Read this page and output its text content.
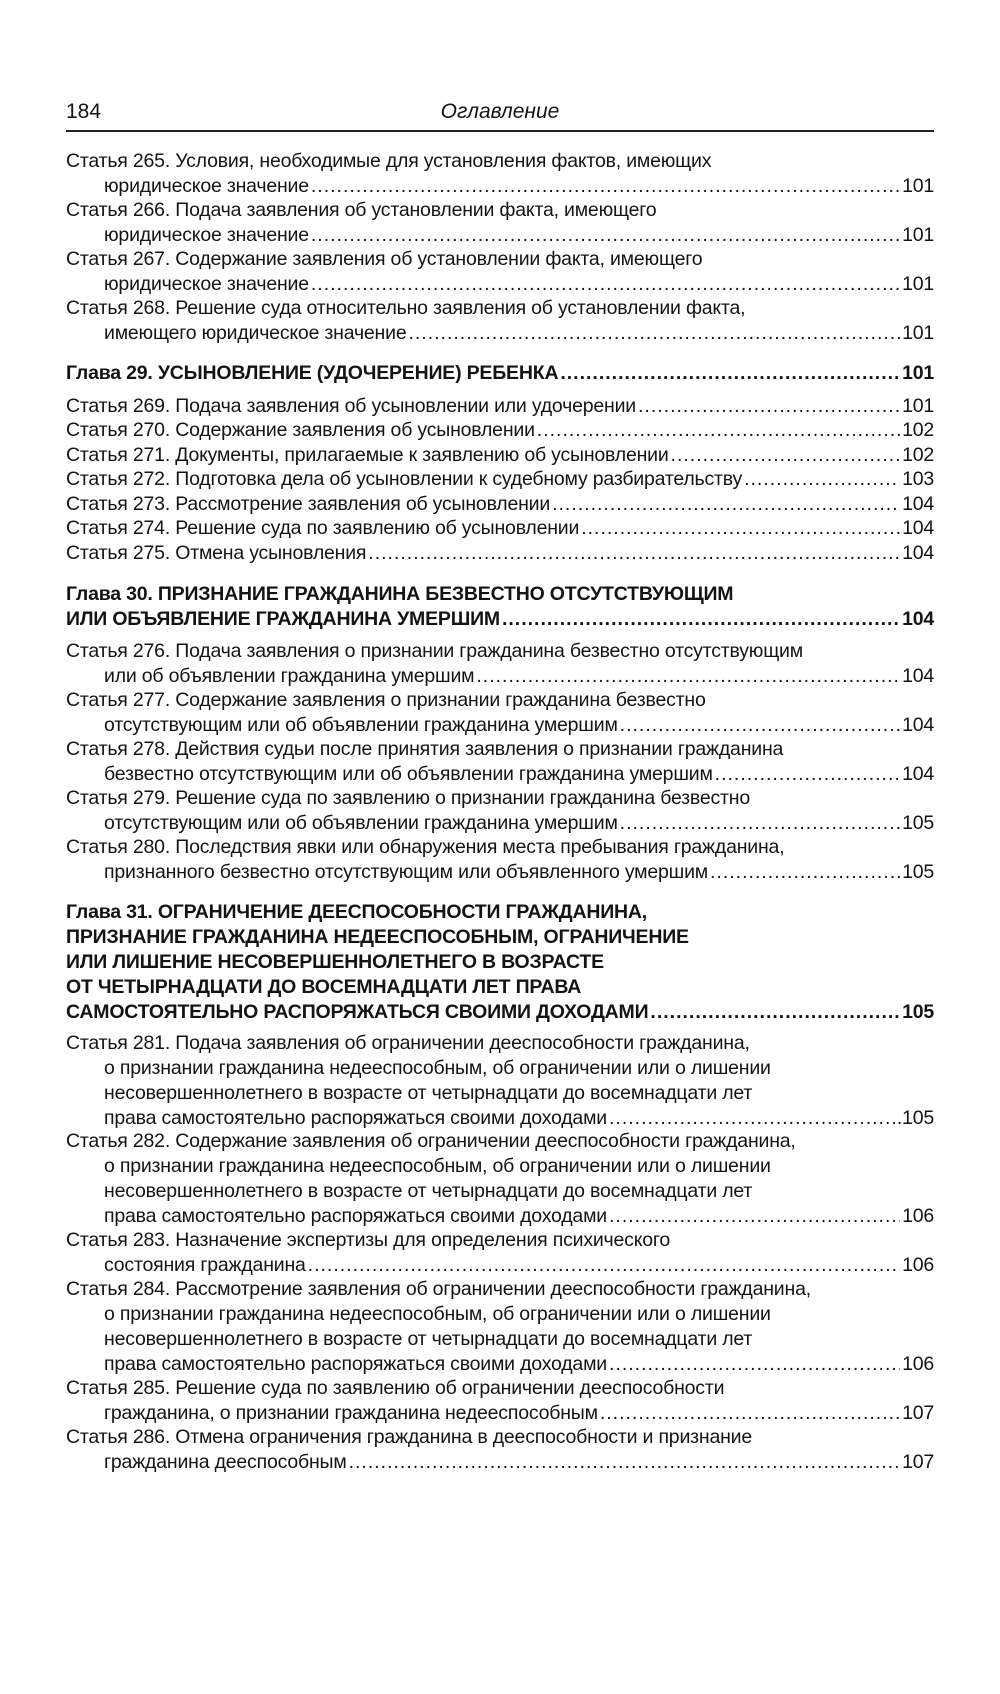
184	Оглавление
Статья 265. Условия, необходимые для установления фактов, имеющих
юридическое значение .....	101
Статья 266. Подача заявления об установлении факта, имеющего
юридическое значение .....	101
Статья 267. Содержание заявления об установлении факта, имеющего
юридическое значение .....	101
Статья 268. Решение суда относительно заявления об установлении факта,
имеющего юридическое значение .....	101
Глава 29. УСЫНОВЛЕНИЕ (УДОЧЕРЕНИЕ) РЕБЕНКА .....	101
Статья 269. Подача заявления об усыновлении или удочерении .....	101
Статья 270. Содержание заявления об усыновлении .....	102
Статья 271. Документы, прилагаемые к заявлению об усыновлении .....	102
Статья 272. Подготовка дела об усыновлении к судебному разбирательству .....	103
Статья 273. Рассмотрение заявления об усыновлении .....	104
Статья 274. Решение суда по заявлению об усыновлении .....	104
Статья 275. Отмена усыновления .....	104
Глава 30. ПРИЗНАНИЕ ГРАЖДАНИНА БЕЗВЕСТНО ОТСУТСТВУЮЩИМ
ИЛИ ОБЪЯВЛЕНИЕ ГРАЖДАНИНА УМЕРШИМ .....	104
Статья 276. Подача заявления о признании гражданина безвестно отсутствующим
или об объявлении гражданина умершим .....	104
Статья 277. Содержание заявления о признании гражданина безвестно
отсутствующим или об объявлении гражданина умершим .....	104
Статья 278. Действия судьи после принятия заявления о признании гражданина
безвестно отсутствующим или об объявлении гражданина умершим .....	104
Статья 279. Решение суда по заявлению о признании гражданина безвестно
отсутствующим или об объявлении гражданина умершим .....	105
Статья 280. Последствия явки или обнаружения места пребывания гражданина,
признанного безвестно отсутствующим или объявленного умершим .....	105
Глава 31. ОГРАНИЧЕНИЕ ДЕЕСПОСОБНОСТИ ГРАЖДАНИНА,
ПРИЗНАНИЕ ГРАЖДАНИНА НЕДЕЕСПОСОБНЫМ, ОГРАНИЧЕНИЕ
ИЛИ ЛИШЕНИЕ НЕСОВЕРШЕННОЛЕТНЕГО В ВОЗРАСТЕ
ОТ ЧЕТЫРНАДЦАТИ ДО ВОСЕМНАДЦАТИ ЛЕТ ПРАВА
САМОСТОЯТЕЛЬНО РАСПОРЯЖАТЬСЯ СВОИМИ ДОХОДАМИ .....	105
Статья 281. Подача заявления об ограничении дееспособности гражданина,
о признании гражданина недееспособным, об ограничении или о лишении
несовершеннолетнего в возрасте от четырнадцати до восемнадцати лет
права самостоятельно распоряжаться своими доходами .....	.105
Статья 282. Содержание заявления об ограничении дееспособности гражданина,
о признании гражданина недееспособным, об ограничении или о лишении
несовершеннолетнего в возрасте от четырнадцати до восемнадцати лет
права самостоятельно распоряжаться своими доходами .....	106
Статья 283. Назначение экспертизы для определения психического
состояния гражданина .....	106
Статья 284. Рассмотрение заявления об ограничении дееспособности гражданина,
о признании гражданина недееспособным, об ограничении или о лишении
несовершеннолетнего в возрасте от четырнадцати до восемнадцати лет
права самостоятельно распоряжаться своими доходами .....	106
Статья 285. Решение суда по заявлению об ограничении дееспособности
гражданина, о признании гражданина недееспособным .....	107
Статья 286. Отмена ограничения гражданина в дееспособности и признание
гражданина дееспособным .....	107
